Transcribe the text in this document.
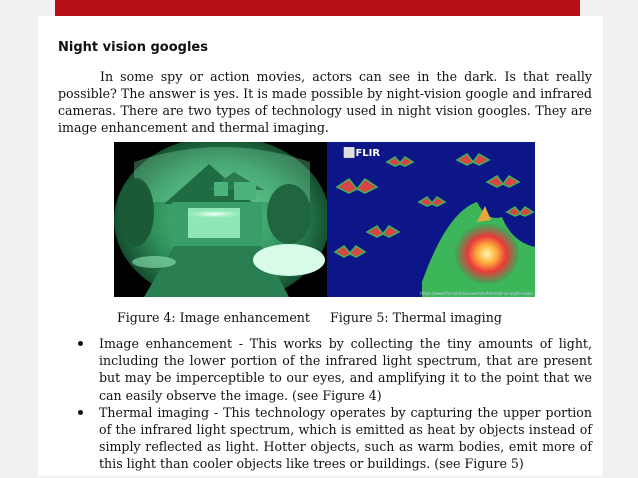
Night vision googles

In some spy or action movies, actors can see in the dark. Is that really possible? The answer is yes. It is made possible by night-vision google and infrared cameras. There are two types of technology used in night vision googles. They are image enhancement and thermal imaging.

⬜FLIR
https://www.flir.com/discover/ots/thermal-vs-night-vision
Figure 4: Image enhancement Figure 5: Thermal imaging
Image enhancement - This works by collecting the tiny amounts of light, including the lower portion of the infrared light spectrum, that are present but may be imperceptible to our eyes, and amplifying it to the point that we can easily observe the image. (see Figure 4)
Thermal imaging - This technology operates by capturing the upper portion of the infrared light spectrum, which is emitted as heat by objects instead of simply reflected as light. Hotter objects, such as warm bodies, emit more of this light than cooler objects like trees or buildings. (see Figure 5)
